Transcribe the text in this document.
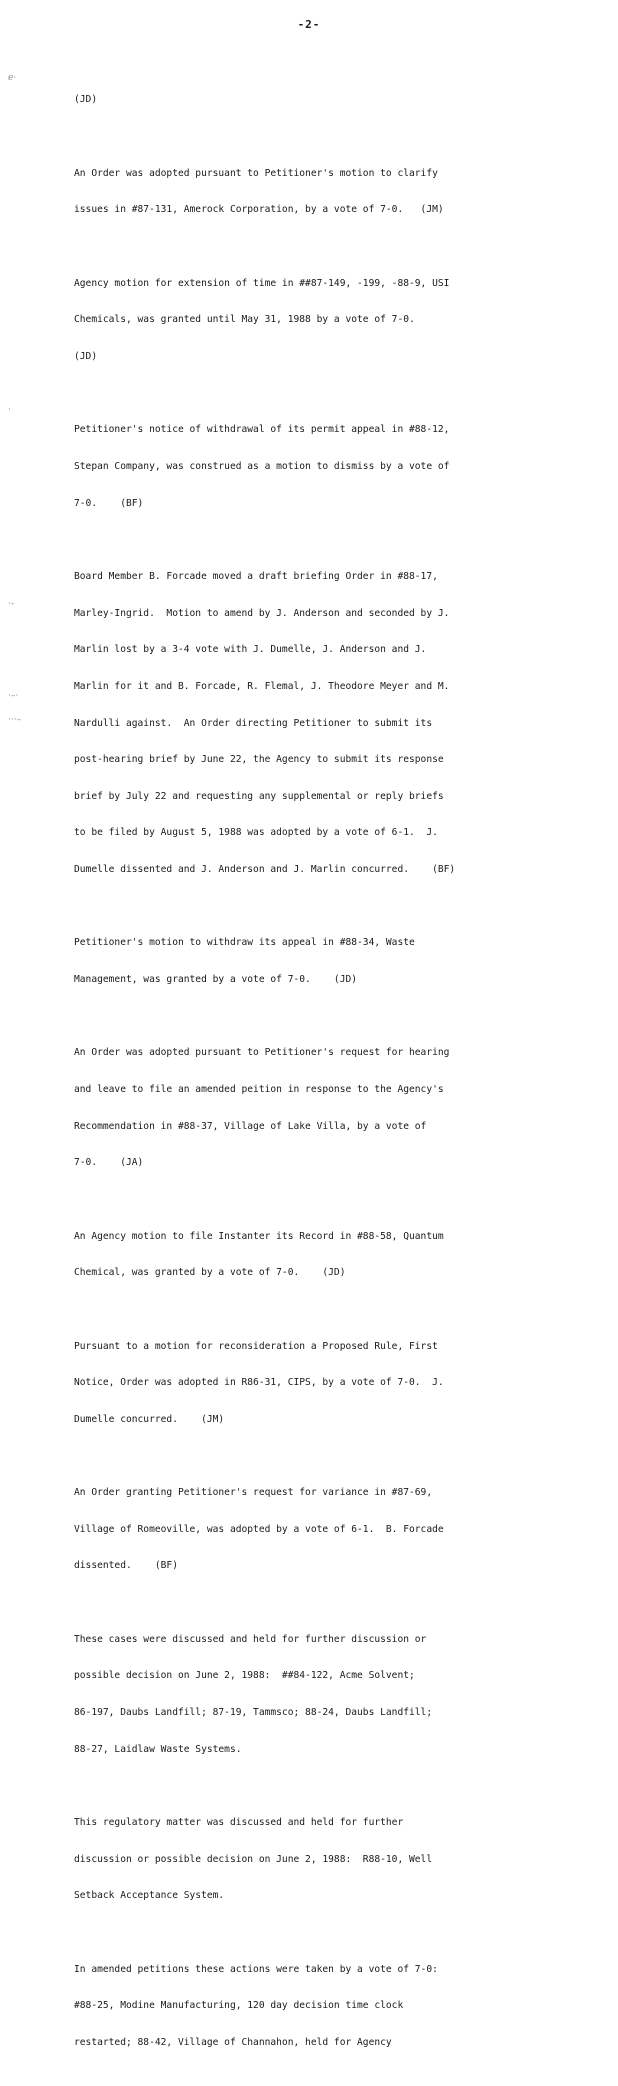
-2-
ℯ·
·
·-
·–·
···–

(JD)

An Order was adopted pursuant to Petitioner's motion to clarify

issues in #87-131, Amerock Corporation, by a vote of 7-0.   (JM)

Agency motion for extension of time in ##87-149, -199, -88-9, USI

Chemicals, was granted until May 31, 1988 by a vote of 7-0.

(JD)

Petitioner's notice of withdrawal of its permit appeal in #88-12,

Stepan Company, was construed as a motion to dismiss by a vote of

7-0.    (BF)

Board Member B. Forcade moved a draft briefing Order in #88-17,

Marley-Ingrid.  Motion to amend by J. Anderson and seconded by J.

Marlin lost by a 3-4 vote with J. Dumelle, J. Anderson and J.

Marlin for it and B. Forcade, R. Flemal, J. Theodore Meyer and M.

Nardulli against.  An Order directing Petitioner to submit its

post-hearing brief by June 22, the Agency to submit its response

brief by July 22 and requesting any supplemental or reply briefs

to be filed by August 5, 1988 was adopted by a vote of 6-1.  J.

Dumelle dissented and J. Anderson and J. Marlin concurred.    (BF)

Petitioner's motion to withdraw its appeal in #88-34, Waste

Management, was granted by a vote of 7-0.    (JD)

An Order was adopted pursuant to Petitioner's request for hearing

and leave to file an amended peition in response to the Agency's

Recommendation in #88-37, Village of Lake Villa, by a vote of

7-0.    (JA)

An Agency motion to file Instanter its Record in #88-58, Quantum

Chemical, was granted by a vote of 7-0.    (JD)

Pursuant to a motion for reconsideration a Proposed Rule, First

Notice, Order was adopted in R86-31, CIPS, by a vote of 7-0.  J.

Dumelle concurred.    (JM)

An Order granting Petitioner's request for variance in #87-69,

Village of Romeoville, was adopted by a vote of 6-1.  B. Forcade

dissented.    (BF)

These cases were discussed and held for further discussion or

possible decision on June 2, 1988:  ##84-122, Acme Solvent;

86-197, Daubs Landfill; 87-19, Tammsco; 88-24, Daubs Landfill;

88-27, Laidlaw Waste Systems.

This regulatory matter was discussed and held for further

discussion or possible decision on June 2, 1988:  R88-10, Well

Setback Acceptance System.

In amended petitions these actions were taken by a vote of 7-0:

#88-25, Modine Manufacturing, 120 day decision time clock

restarted; 88-42, Village of Channahon, held for Agency
